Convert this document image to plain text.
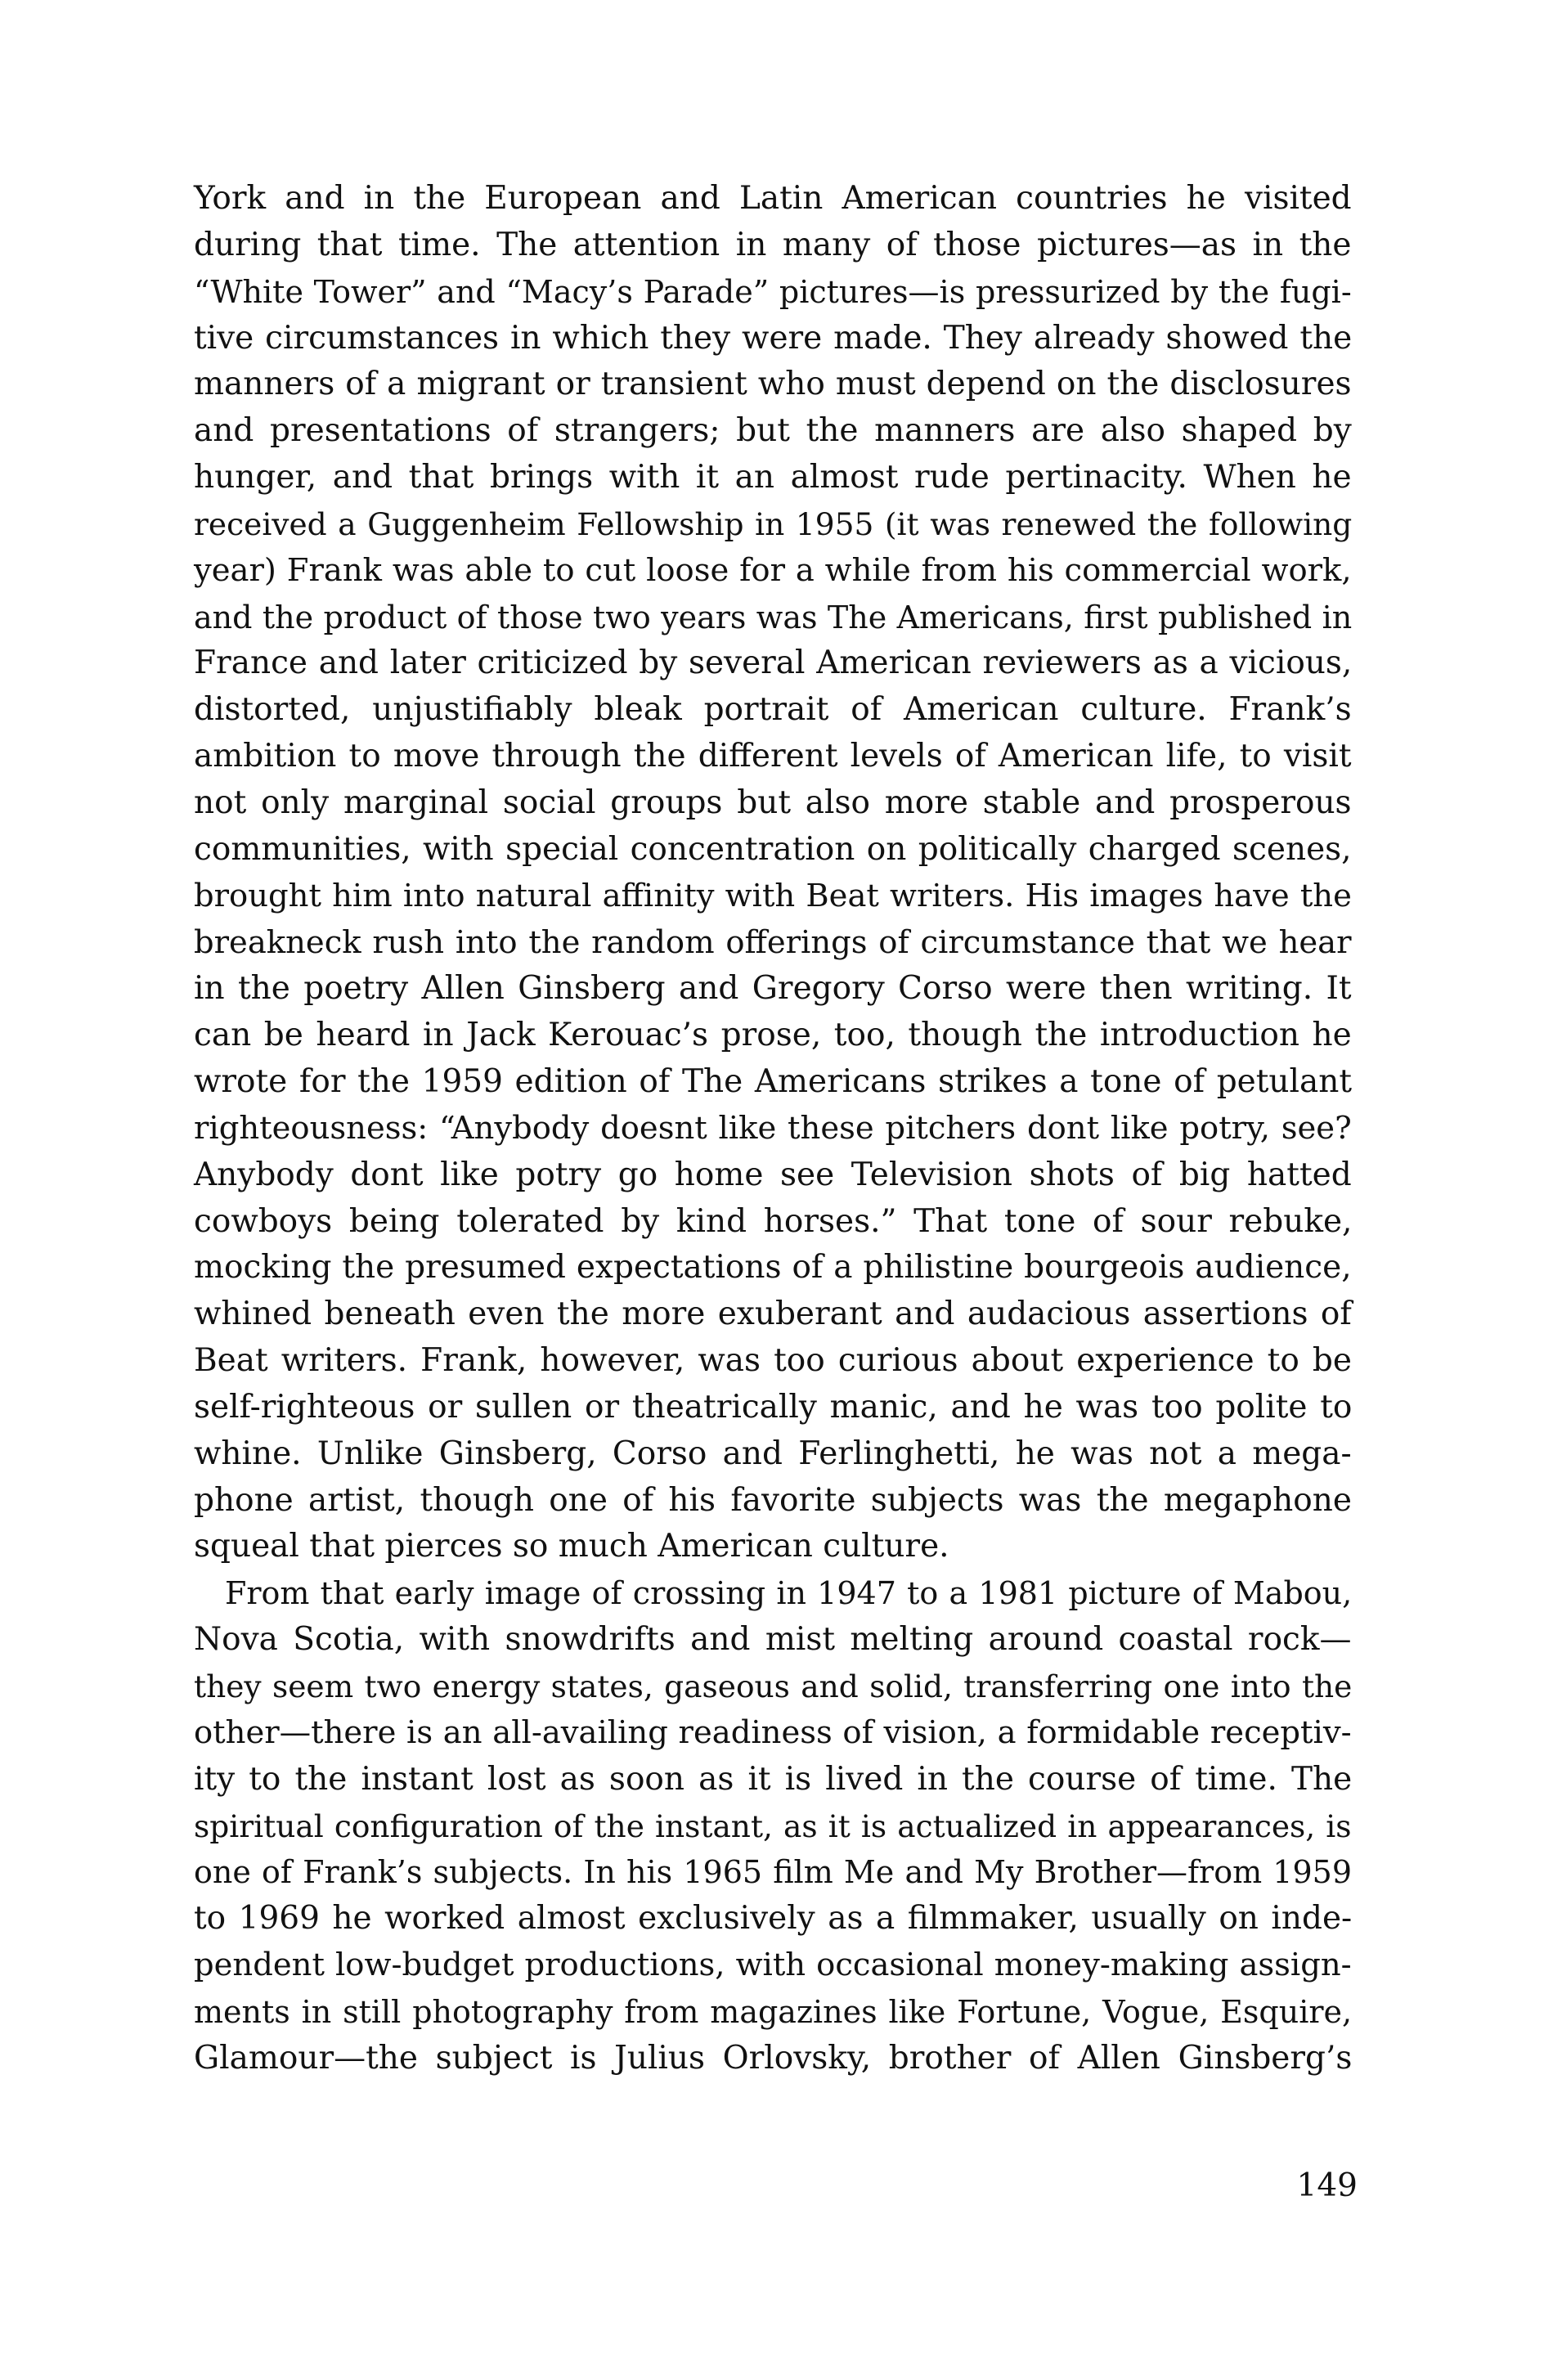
York and in the European and Latin American countries he visited
during that time. The attention in many of those pictures—as in the
“White Tower” and “Macy’s Parade” pictures—is pressurized by the fugi-
tive circumstances in which they were made. They already showed the
manners of a migrant or transient who must depend on the disclosures
and presentations of strangers; but the manners are also shaped by
hunger, and that brings with it an almost rude pertinacity. When he
received a Guggenheim Fellowship in 1955 (it was renewed the following
year) Frank was able to cut loose for a while from his commercial work,
and the product of those two years was The Americans, first published in
France and later criticized by several American reviewers as a vicious,
distorted, unjustifiably bleak portrait of American culture. Frank’s
ambition to move through the different levels of American life, to visit
not only marginal social groups but also more stable and prosperous
communities, with special concentration on politically charged scenes,
brought him into natural affinity with Beat writers. His images have the
breakneck rush into the random offerings of circumstance that we hear
in the poetry Allen Ginsberg and Gregory Corso were then writing. It
can be heard in Jack Kerouac’s prose, too, though the introduction he
wrote for the 1959 edition of The Americans strikes a tone of petulant
righteousness: “Anybody doesnt like these pitchers dont like potry, see?
Anybody dont like potry go home see Television shots of big hatted
cowboys being tolerated by kind horses.” That tone of sour rebuke,
mocking the presumed expectations of a philistine bourgeois audience,
whined beneath even the more exuberant and audacious assertions of
Beat writers. Frank, however, was too curious about experience to be
self-righteous or sullen or theatrically manic, and he was too polite to
whine. Unlike Ginsberg, Corso and Ferlinghetti, he was not a mega-
phone artist, though one of his favorite subjects was the megaphone
squeal that pierces so much American culture.
From that early image of crossing in 1947 to a 1981 picture of Mabou,
Nova Scotia, with snowdrifts and mist melting around coastal rock—
they seem two energy states, gaseous and solid, transferring one into the
other—there is an all-availing readiness of vision, a formidable receptiv-
ity to the instant lost as soon as it is lived in the course of time. The
spiritual configuration of the instant, as it is actualized in appearances, is
one of Frank’s subjects. In his 1965 film Me and My Brother—from 1959
to 1969 he worked almost exclusively as a filmmaker, usually on inde-
pendent low-budget productions, with occasional money-making assign-
ments in still photography from magazines like Fortune, Vogue, Esquire,
Glamour—the subject is Julius Orlovsky, brother of Allen Ginsberg’s
149
